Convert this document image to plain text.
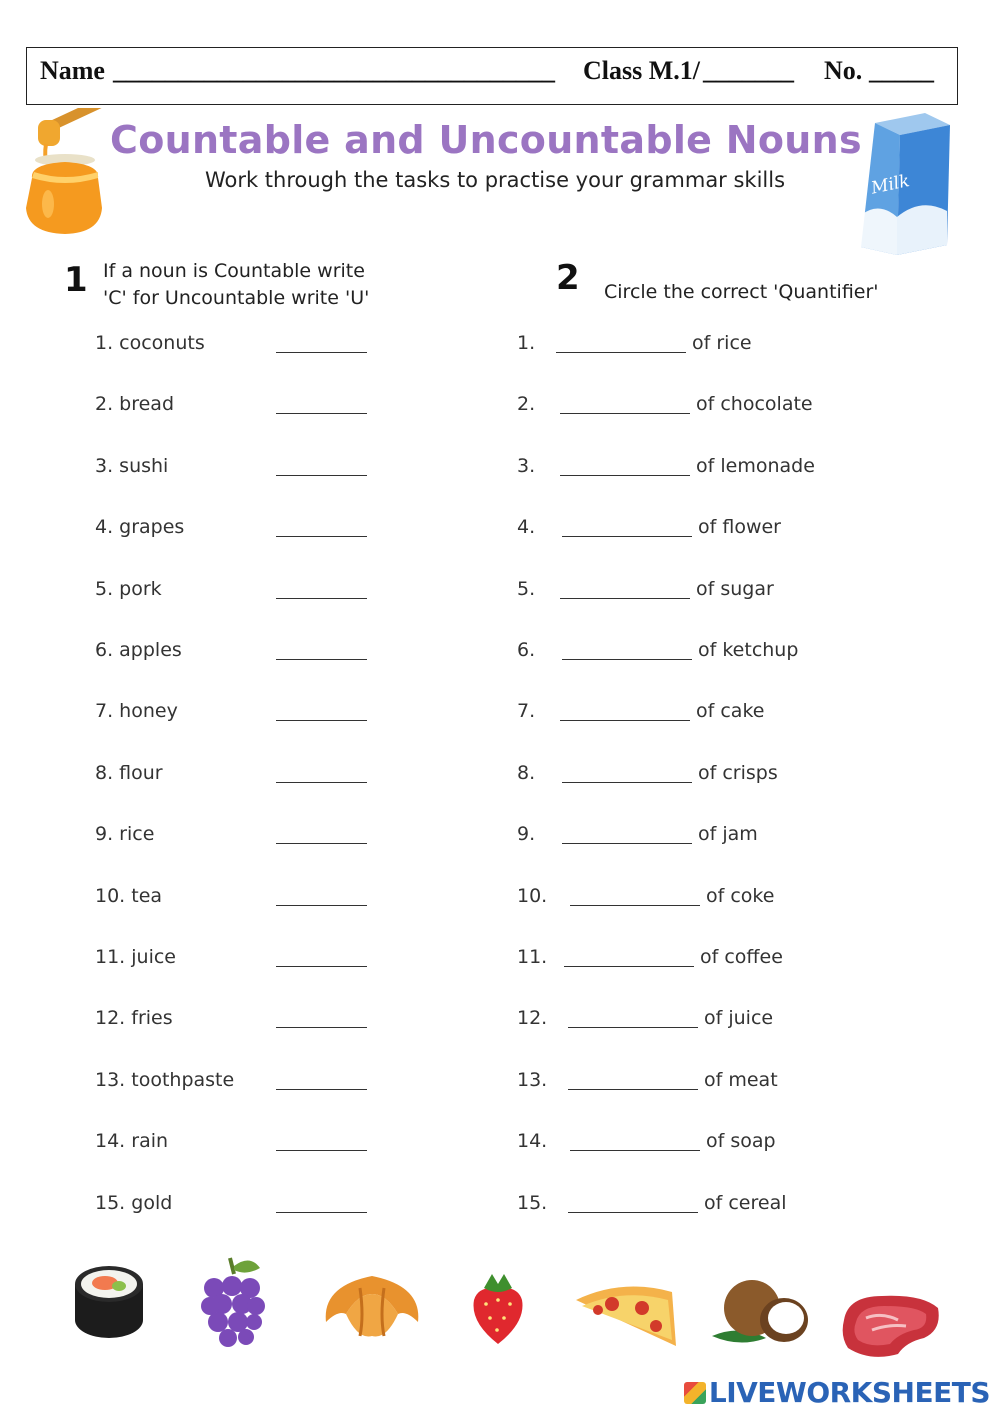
Name __________________________________ Class M.1/ _______ No. _____
Countable and Uncountable Nouns
Work through the tasks to practise your grammar skills	Milk
1 If a noun is Countable write
'C' for Uncountable write 'U'	2 Circle the correct 'Quantifier'
1. coconuts
2. bread
3. sushi
4. grapes
5. pork
6. apples
7. honey
8. flour
9. rice
10. tea
11. juice
12. fries
13. toothpaste
14. rain
15. gold
1.	of rice
2.	of chocolate
3.	of lemonade
4.	of flower
5.	of sugar
6.	of ketchup
7.	of cake
8.	of crisps
9.	of jam
10.	of coke
11.	of coffee
12.	of juice
13.	of meat
14.	of soap
15.	of cereal
LIVEWORKSHEETS
